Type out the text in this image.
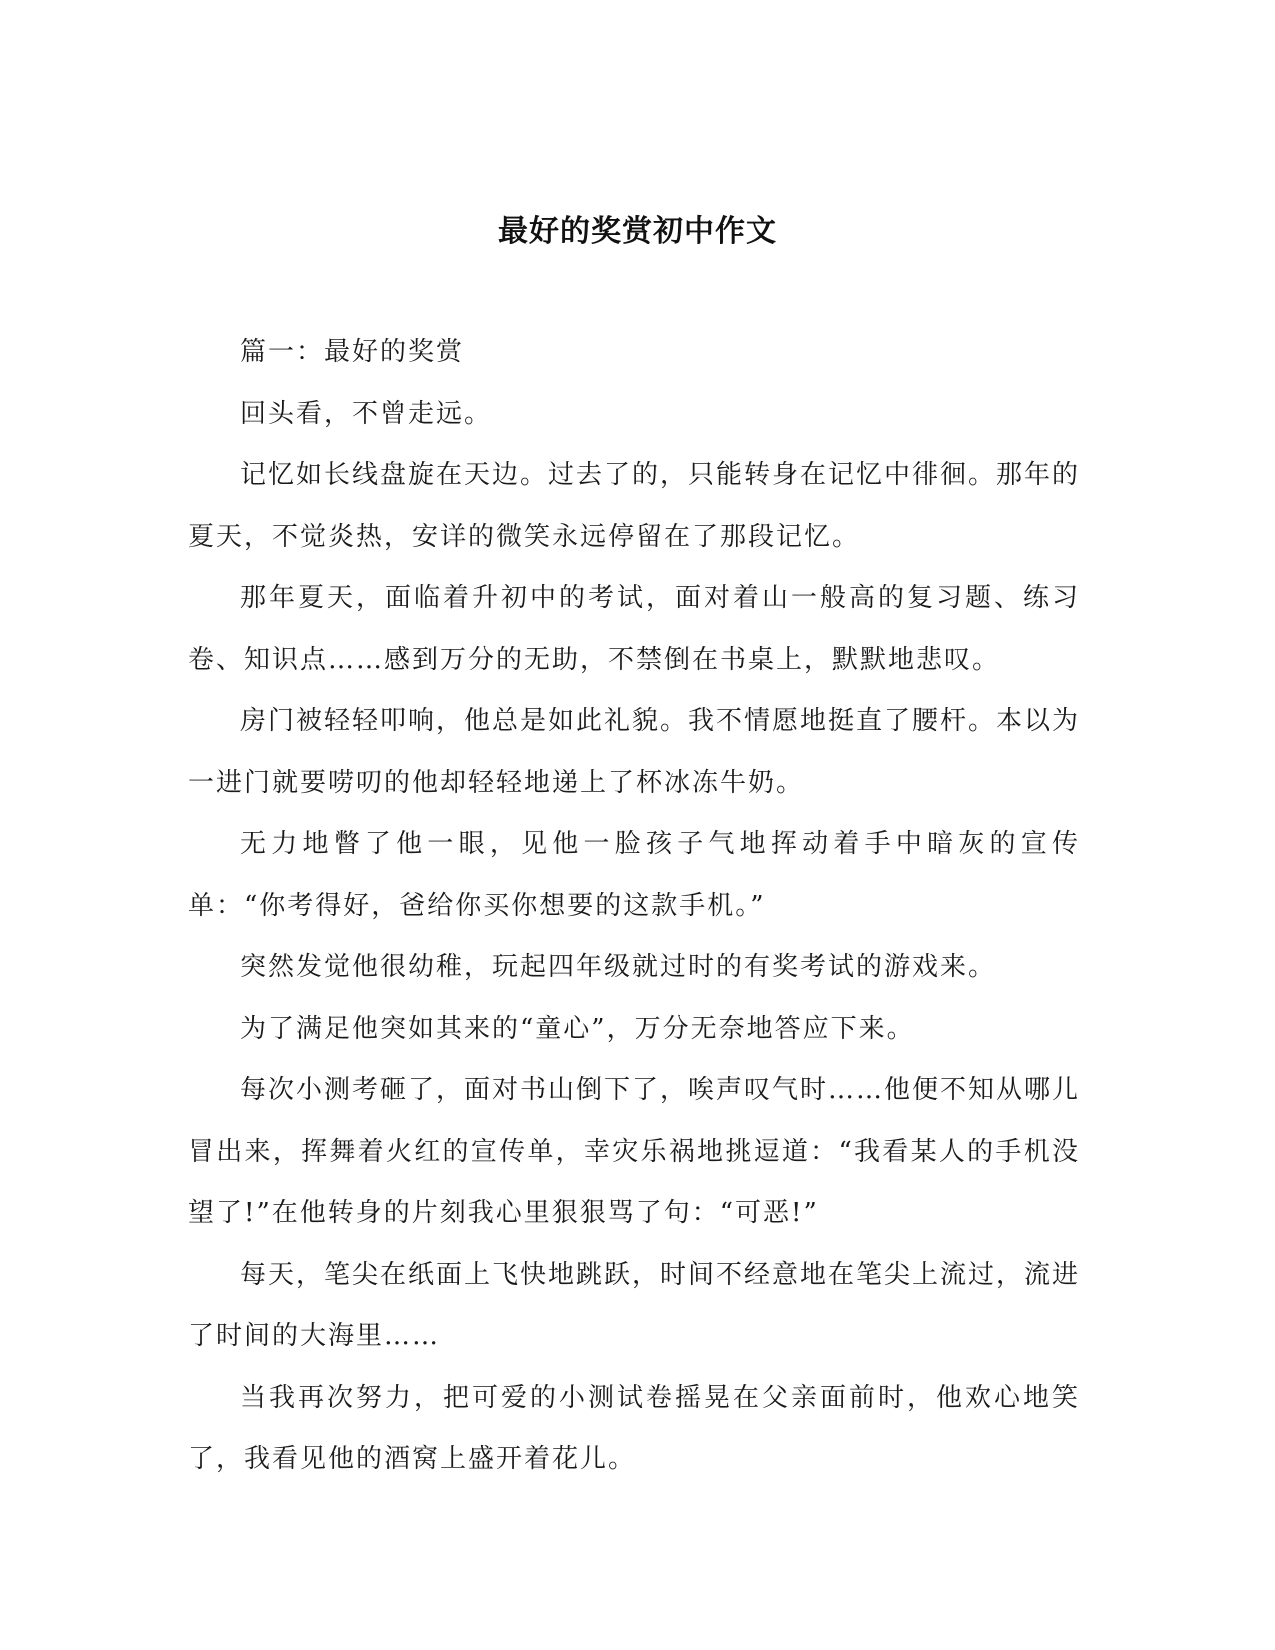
最好的奖赏初中作文

篇一：最好的奖赏

回头看，不曾走远。

记忆如长线盘旋在天边。过去了的，只能转身在记忆中徘徊。那年的夏天，不觉炎热，安详的微笑永远停留在了那段记忆。

那年夏天，面临着升初中的考试，面对着山一般高的复习题、练习卷、知识点……感到万分的无助，不禁倒在书桌上，默默地悲叹。

房门被轻轻叩响，他总是如此礼貌。我不情愿地挺直了腰杆。本以为一进门就要唠叨的他却轻轻地递上了杯冰冻牛奶。

无力地瞥了他一眼，见他一脸孩子气地挥动着手中暗灰的宣传单：“你考得好，爸给你买你想要的这款手机。”

突然发觉他很幼稚，玩起四年级就过时的有奖考试的游戏来。

为了满足他突如其来的“童心”，万分无奈地答应下来。

每次小测考砸了，面对书山倒下了，唉声叹气时……他便不知从哪儿冒出来，挥舞着火红的宣传单，幸灾乐祸地挑逗道：“我看某人的手机没望了!”在他转身的片刻我心里狠狠骂了句：“可恶!”

每天，笔尖在纸面上飞快地跳跃，时间不经意地在笔尖上流过，流进了时间的大海里……

当我再次努力，把可爱的小测试卷摇晃在父亲面前时，他欢心地笑了，我看见他的酒窝上盛开着花儿。
